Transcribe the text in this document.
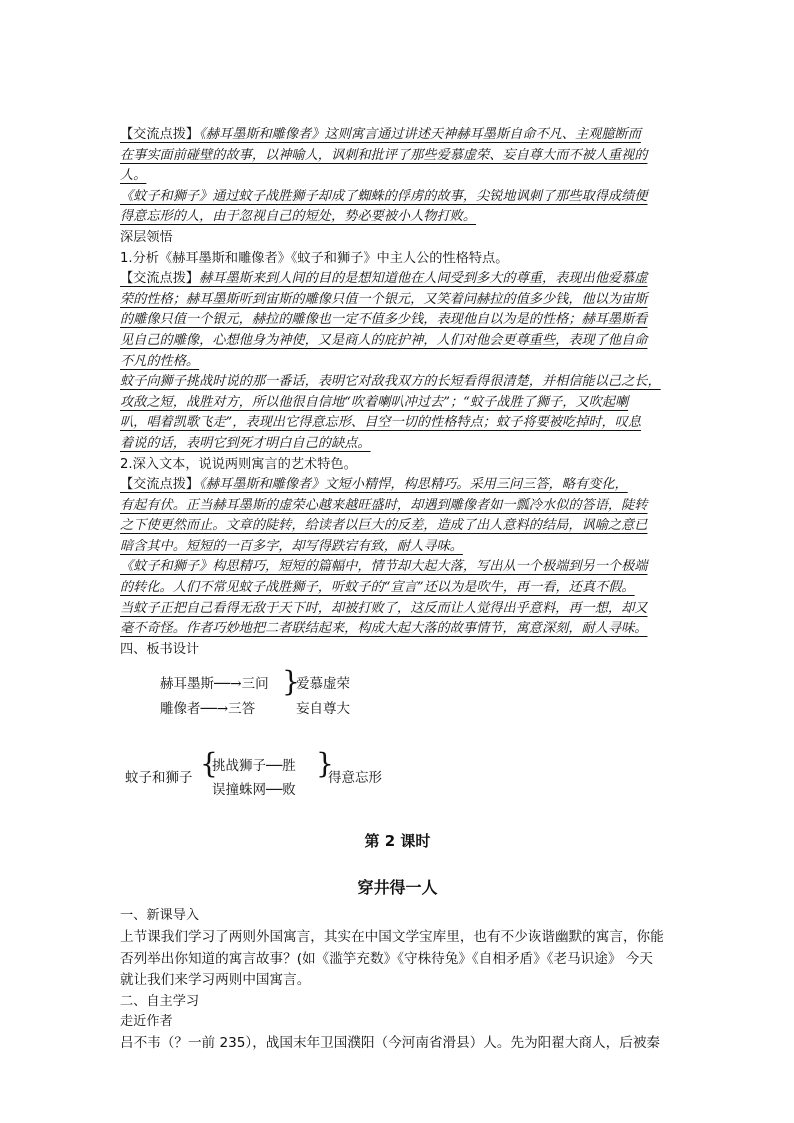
【交流点拨】《赫耳墨斯和雕像者》这则寓言通过讲述天神赫耳墨斯自命不凡、主观臆断而

在事实面前碰壁的故事，以神喻人，讽刺和批评了那些爱慕虚荣、妄自尊大而不被人重视的

人。

《蚊子和狮子》通过蚊子战胜狮子却成了蜘蛛的俘虏的故事，尖锐地讽刺了那些取得成绩便

得意忘形的人，由于忽视自己的短处，势必要被小人物打败。

深层领悟

1.分析《赫耳墨斯和雕像者》《蚊子和狮子》中主人公的性格特点。

【交流点拨】赫耳墨斯来到人间的目的是想知道他在人间受到多大的尊重，表现出他爱慕虚

荣的性格；赫耳墨斯听到宙斯的雕像只值一个银元，又笑着问赫拉的值多少钱，他以为宙斯

的雕像只值一个银元，赫拉的雕像也一定不值多少钱，表现他自以为是的性格；赫耳墨斯看

见自己的雕像，心想他身为神使，又是商人的庇护神，人们对他会更尊重些，表现了他自命

不凡的性格。

蚊子向狮子挑战时说的那一番话，表明它对敌我双方的长短看得很清楚，并相信能以己之长，

攻敌之短，战胜对方，所以他很自信地“吹着喇叭冲过去”；“蚊子战胜了狮子，又吹起喇

叭，唱着凯歌飞走”，表现出它得意忘形、目空一切的性格特点；蚊子将要被吃掉时，叹息

着说的话，表明它到死才明白自己的缺点。

2.深入文本，说说两则寓言的艺术特色。

【交流点拨】《赫耳墨斯和雕像者》文短小精悍，构思精巧。采用三问三答，略有变化，

有起有伏。正当赫耳墨斯的虚荣心越来越旺盛时，却遇到雕像者如一瓢冷水似的答语，陡转

之下使更然而止。文章的陡转，给读者以巨大的反差，造成了出人意料的结局，讽喻之意已

暗含其中。短短的一百多字，却写得跌宕有致，耐人寻味。

《蚊子和狮子》构思精巧，短短的篇幅中，情节却大起大落，写出从一个极端到另一个极端

的转化。人们不常见蚊子战胜狮子，听蚊子的“宣言”还以为是吹牛，再一看，还真不假。

当蚊子正把自己看得无敌于天下时，却被打败了，这反而让人觉得出乎意料，再一想，却又

毫不奇怪。作者巧妙地把二者联结起来，构成大起大落的故事情节，寓意深刻，耐人寻味。

四、板书设计

赫耳墨斯──→三问
雕像者──→三答
}
爱慕虚荣
妄自尊大
蚊子和狮子 {
挑战狮子──胜
误撞蛛网──败
}
得意忘形

第 2 课时

穿井得一人

一、新课导入

上节课我们学习了两则外国寓言，其实在中国文学宝库里，也有不少诙谐幽默的寓言，你能

否列举出你知道的寓言故事？(如《滥竽充数》《守株待兔》《自相矛盾》《老马识途》 今天

就让我们来学习两则中国寓言。

二、自主学习

走近作者

吕不韦（？一前 235），战国末年卫国濮阳（今河南省滑县）人。先为阳翟大商人，后被秦
